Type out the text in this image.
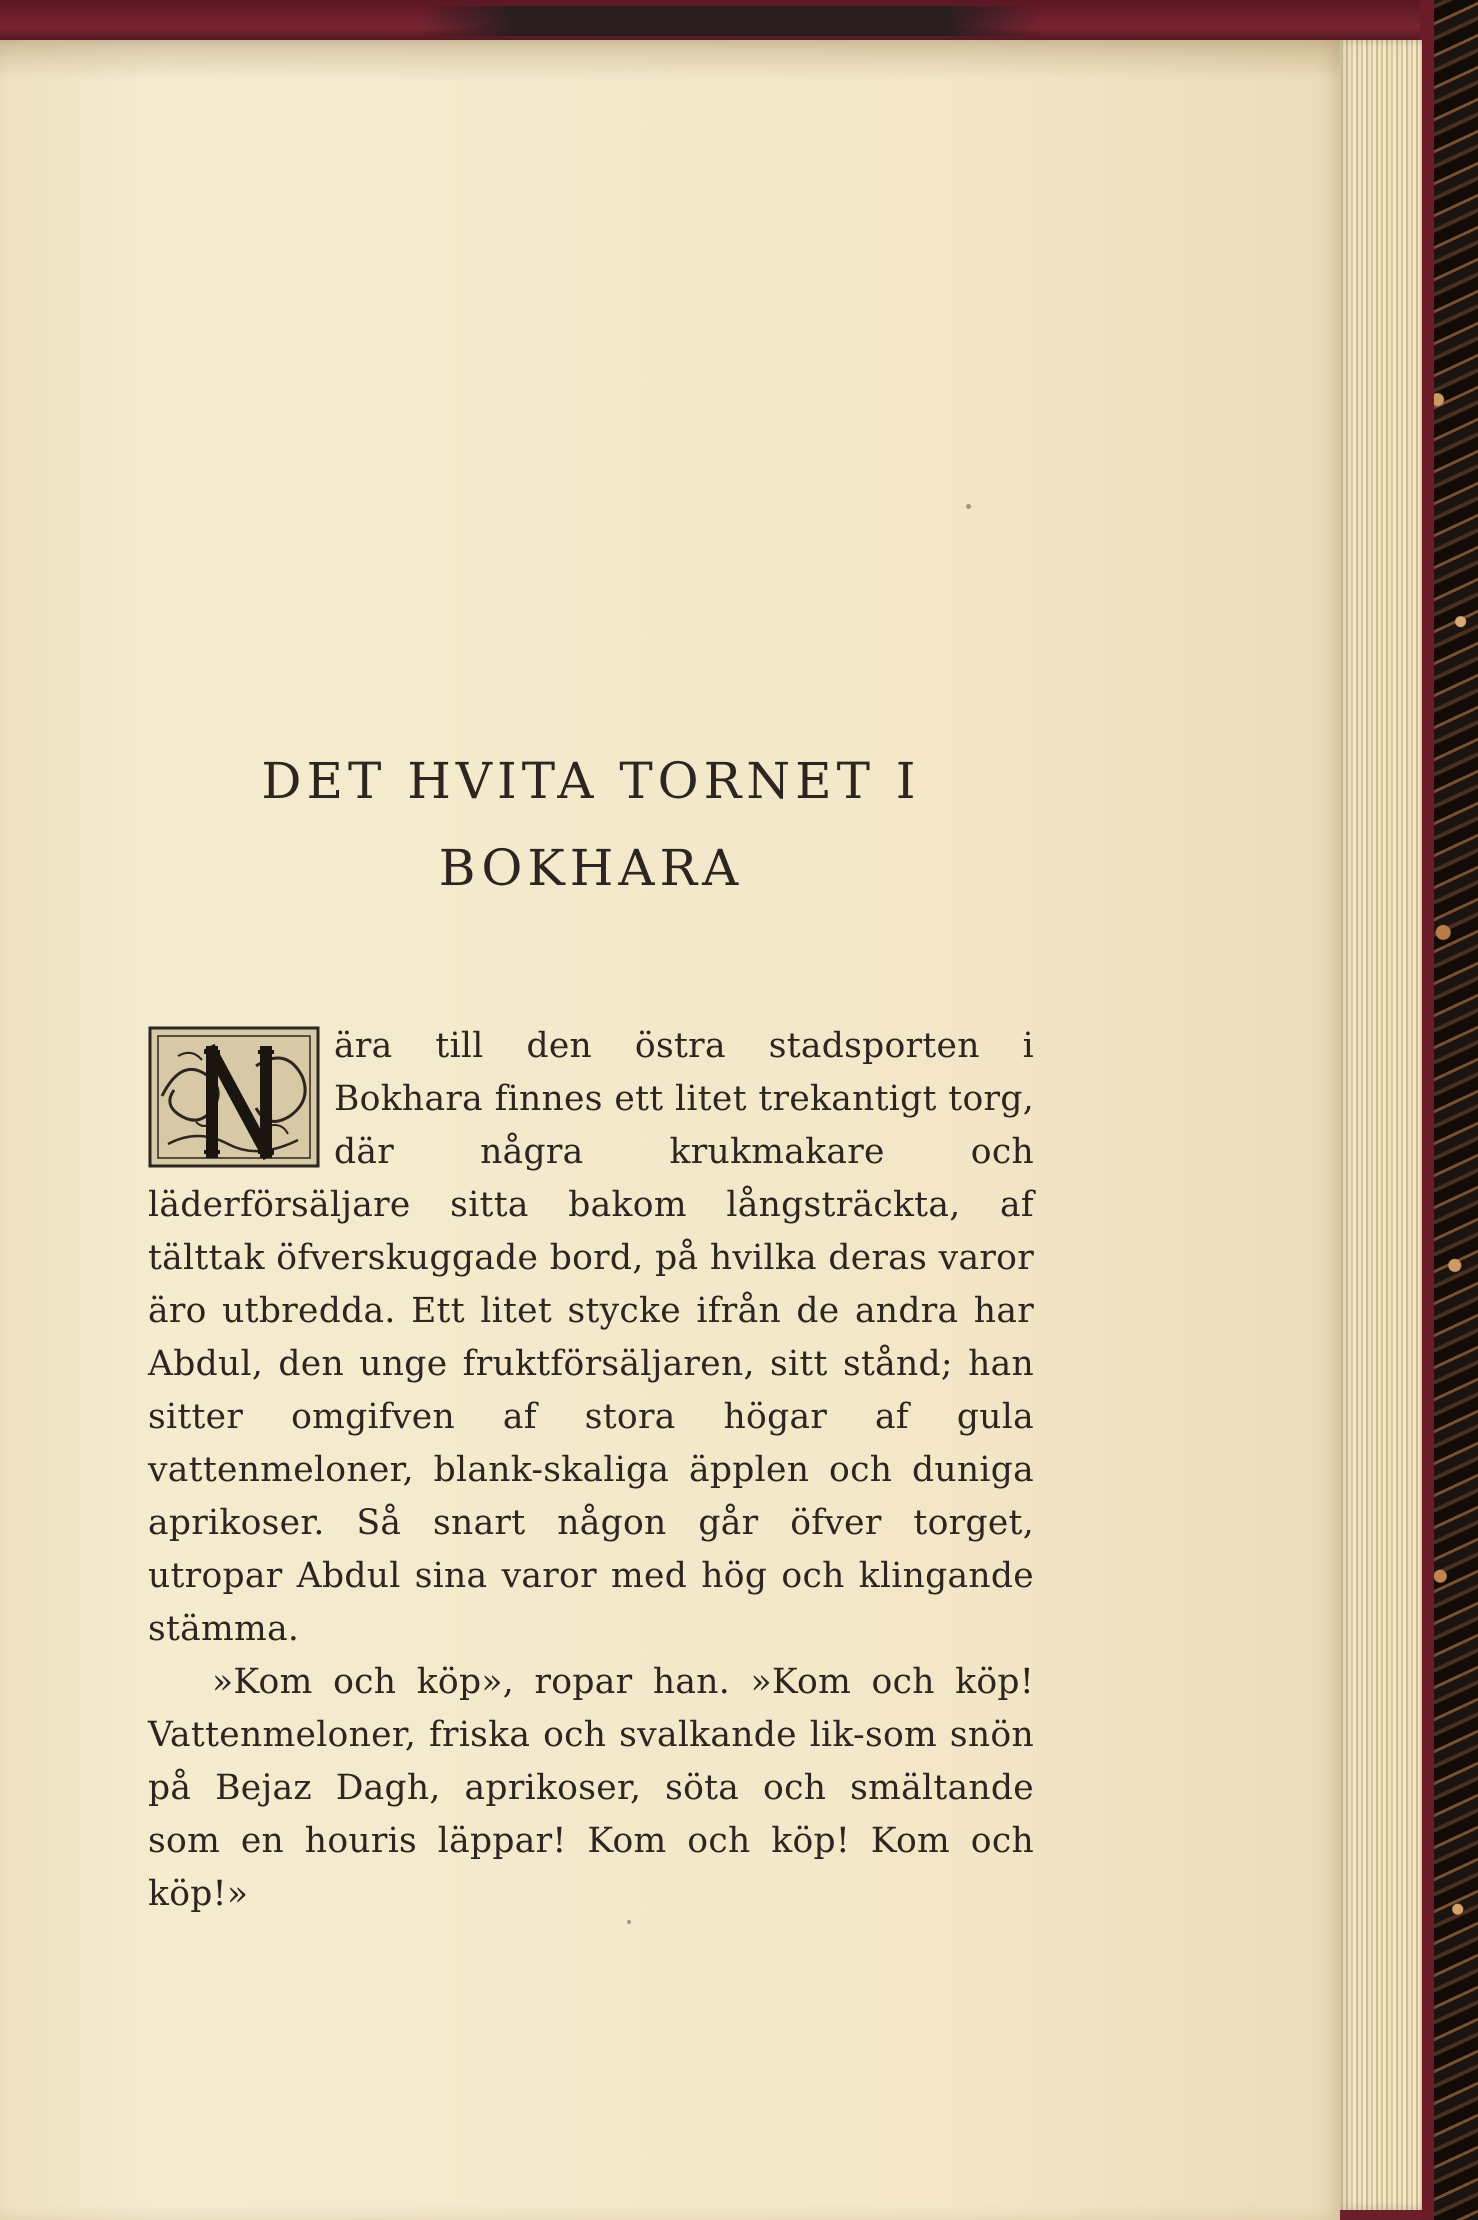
DET HVITA TORNET I
BOKHARA

N
ära till den östra stadsporten i Bokhara finnes ett litet trekantigt torg, där några krukmakare och läderförsäljare sitta bakom långsträckta, af tälttak öfverskuggade bord, på hvilka deras varor äro utbredda. Ett litet stycke ifrån de andra har Abdul, den unge fruktförsäljaren, sitt stånd; han sitter omgifven af stora högar af gula vattenmeloner, blank-skaliga äpplen och duniga aprikoser. Så snart någon går öfver torget, utropar Abdul sina varor med hög och klingande stämma.

»Kom och köp», ropar han. »Kom och köp! Vattenmeloner, friska och svalkande lik-som snön på Bejaz Dagh, aprikoser, söta och smältande som en houris läppar! Kom och köp! Kom och köp!»
